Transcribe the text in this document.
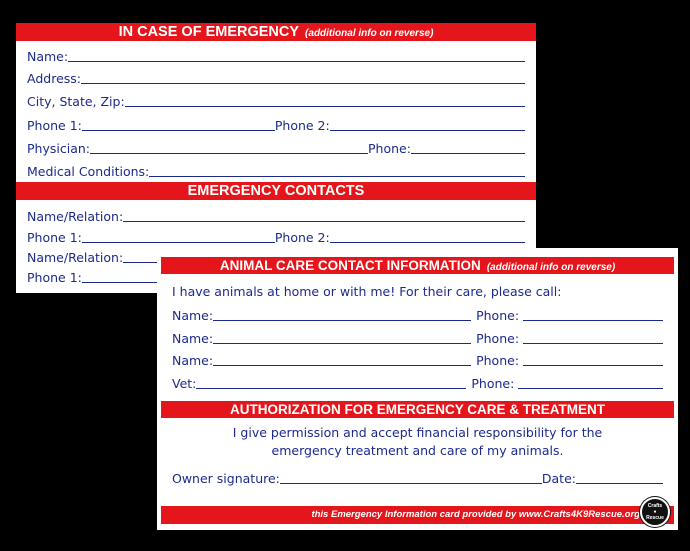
IN CASE OF EMERGENCY (additional info on reverse)
Name:
Address:
City, State, Zip:
Phone 1:	Phone 2:
Physician:	Phone:
Medical Conditions:
EMERGENCY CONTACTS
Name/Relation:
Phone 1:	Phone 2:
Name/Relation:
Phone 1:
ANIMAL CARE CONTACT INFORMATION (additional info on reverse)
I have animals at home or with me! For their care, please call:
Name:	Phone:
Name:	Phone:
Name:	Phone:
Vet:	Phone:
AUTHORIZATION FOR EMERGENCY CARE & TREATMENT
I give permission and accept financial responsibility for the
emergency treatment and care of my animals.
Owner signature:	Date:
this Emergency Information card provided by www.Crafts4K9Rescue.org
Crafts
●
Rescue
